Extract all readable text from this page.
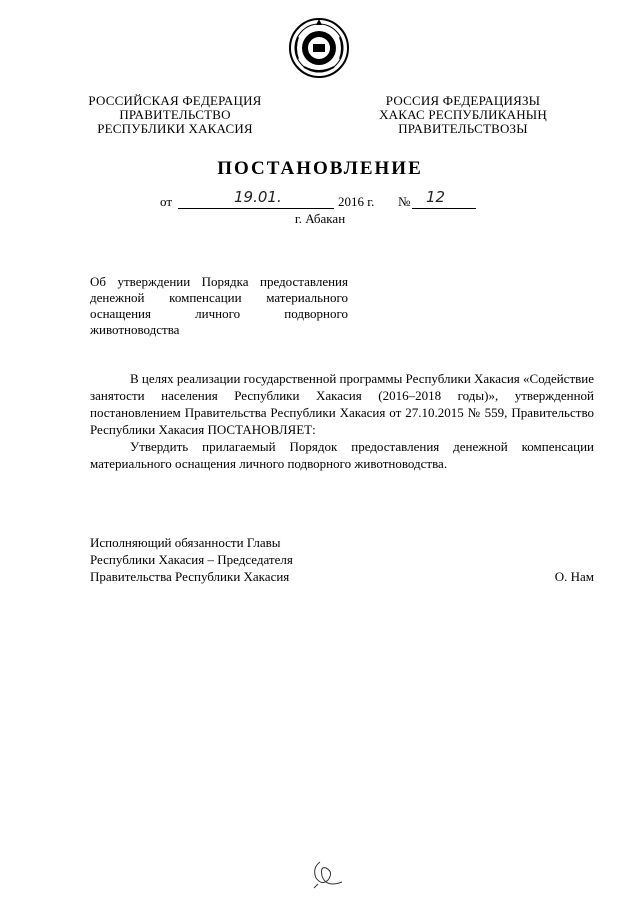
РОССИЙСКАЯ ФЕДЕРАЦИЯ
ПРАВИТЕЛЬСТВО
РЕСПУБЛИКИ ХАКАСИЯ
РОССИЯ ФЕДЕРАЦИЯЗЫ
ХАКАС РЕСПУБЛИКАНЫҢ
ПРАВИТЕЛЬСТВОЗЫ
ПОСТАНОВЛЕНИЕ
от	19.01.	2016 г. № 12
г. Абакан
Об утверждении Порядка предоставления
денежной компенсации материального
оснащения личного подворного
животноводства

В целях реализации государственной программы Республики Хакасия «Содействие занятости населения Республики Хакасия (2016–2018 годы)», утвержденной постановлением Правительства Республики Хакасия от 27.10.2015 № 559, Правительство Республики Хакасия ПОСТАНОВЛЯЕТ:

Утвердить прилагаемый Порядок предоставления денежной компенсации материального оснащения личного подворного животноводства.

Исполняющий обязанности Главы
Республики Хакасия – Председателя
Правительства Республики Хакасия	О. Нам
